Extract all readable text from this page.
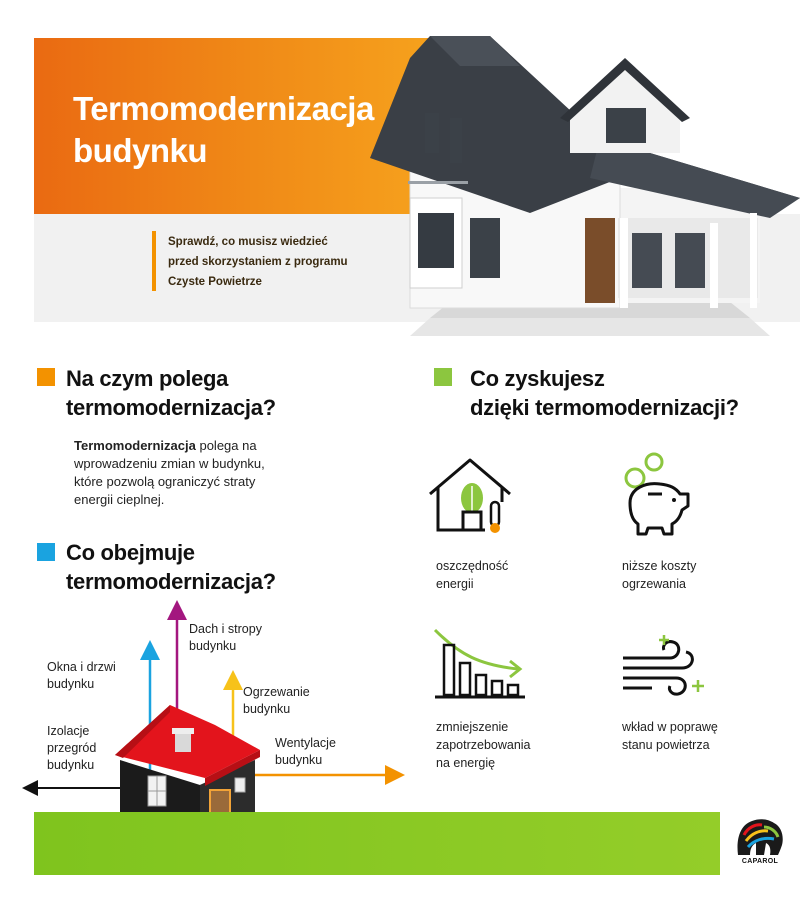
Termomodernizacja
budynku
Sprawdź, co musisz wiedzieć
przed skorzystaniem z programu
Czyste Powietrze
Na czym polega
termomodernizacja?
Termomodernizacja polega na
wprowadzeniu zmian w budynku,
które pozwolą ograniczyć straty
energii cieplnej.
Co obejmuje
termomodernizacja?
Dach i stropy
budynku
Okna i drzwi
budynku
Ogrzewanie
budynku
Wentylacje
budynku
Izolacje
przegród
budynku
Co zyskujesz
dzięki termomodernizacji?
oszczędność
energii
niższe koszty
ogrzewania
zmniejszenie
zapotrzebowania
na energię
wkład w poprawę
stanu powietrza
CAPAROL
